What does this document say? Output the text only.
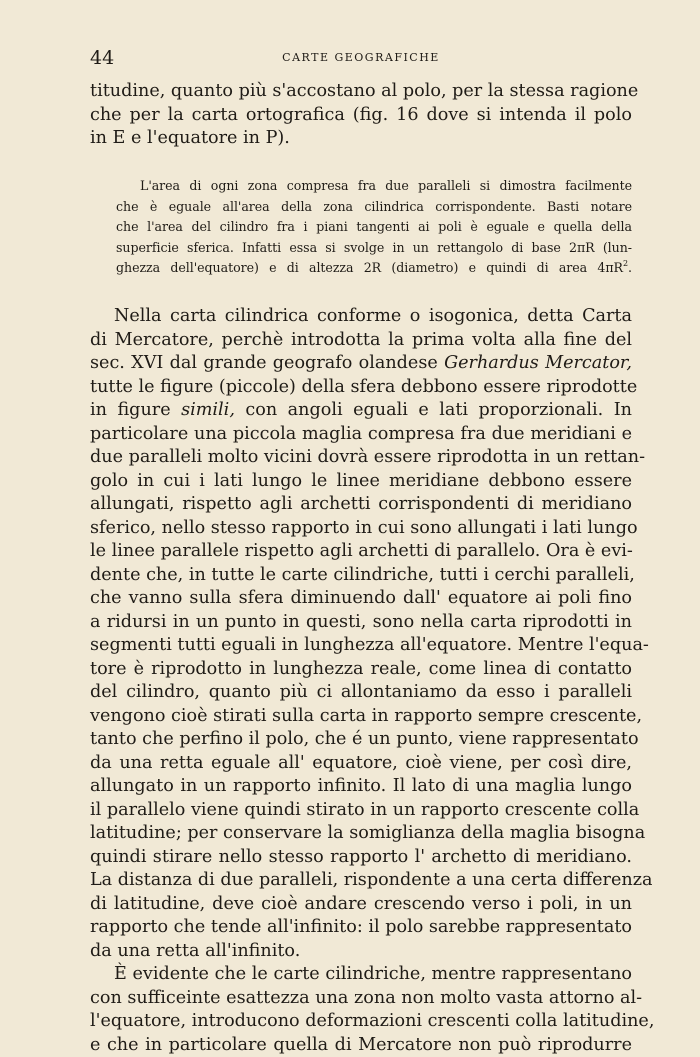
44	CARTE GEOGRAFICHE
titudine, quanto più s'accostano al polo, per la stessa ragione
che per la carta ortografica (fig. 16 dove si intenda il polo
in E e l'equatore in P).
L'area di ogni zona compresa fra due paralleli si dimostra facilmente
che è eguale all'area della zona cilindrica corrispondente. Basti notare
che l'area del cilindro fra i piani tangenti ai poli è eguale e quella della
superficie sferica. Infatti essa si svolge in un rettangolo di base 2πR (lun-
ghezza dell'equatore) e di altezza 2R (diametro) e quindi di area $4\pi R^2$.
Nella carta cilindrica conforme o isogonica, detta Carta
di Mercatore, perchè introdotta la prima volta alla fine del
sec. XVI dal grande geografo olandese Gerhardus Mercator,
tutte le figure (piccole) della sfera debbono essere riprodotte
in figure simili, con angoli eguali e lati proporzionali. In
particolare una piccola maglia compresa fra due meridiani e
due paralleli molto vicini dovrà essere riprodotta in un rettan-
golo in cui i lati lungo le linee meridiane debbono essere
allungati, rispetto agli archetti corrispondenti di meridiano
sferico, nello stesso rapporto in cui sono allungati i lati lungo
le linee parallele rispetto agli archetti di parallelo. Ora è evi-
dente che, in tutte le carte cilindriche, tutti i cerchi paralleli,
che vanno sulla sfera diminuendo dall' equatore ai poli fino
a ridursi in un punto in questi, sono nella carta riprodotti in
segmenti tutti eguali in lunghezza all'equatore. Mentre l'equa-
tore è riprodotto in lunghezza reale, come linea di contatto
del cilindro, quanto più ci allontaniamo da esso i paralleli
vengono cioè stirati sulla carta in rapporto sempre crescente,
tanto che perfino il polo, che é un punto, viene rappresentato
da una retta eguale all' equatore, cioè viene, per così dire,
allungato in un rapporto infinito. Il lato di una maglia lungo
il parallelo viene quindi stirato in un rapporto crescente colla
latitudine; per conservare la somiglianza della maglia bisogna
quindi stirare nello stesso rapporto l' archetto di meridiano.
La distanza di due paralleli, rispondente a una certa differenza
di latitudine, deve cioè andare crescendo verso i poli, in un
rapporto che tende all'infinito: il polo sarebbe rappresentato
da una retta all'infinito.
È evidente che le carte cilindriche, mentre rappresentano
con sufficeinte esattezza una zona non molto vasta attorno al-
l'equatore, introducono deformazioni crescenti colla latitudine,
e che in particolare quella di Mercatore non può riprodurre
